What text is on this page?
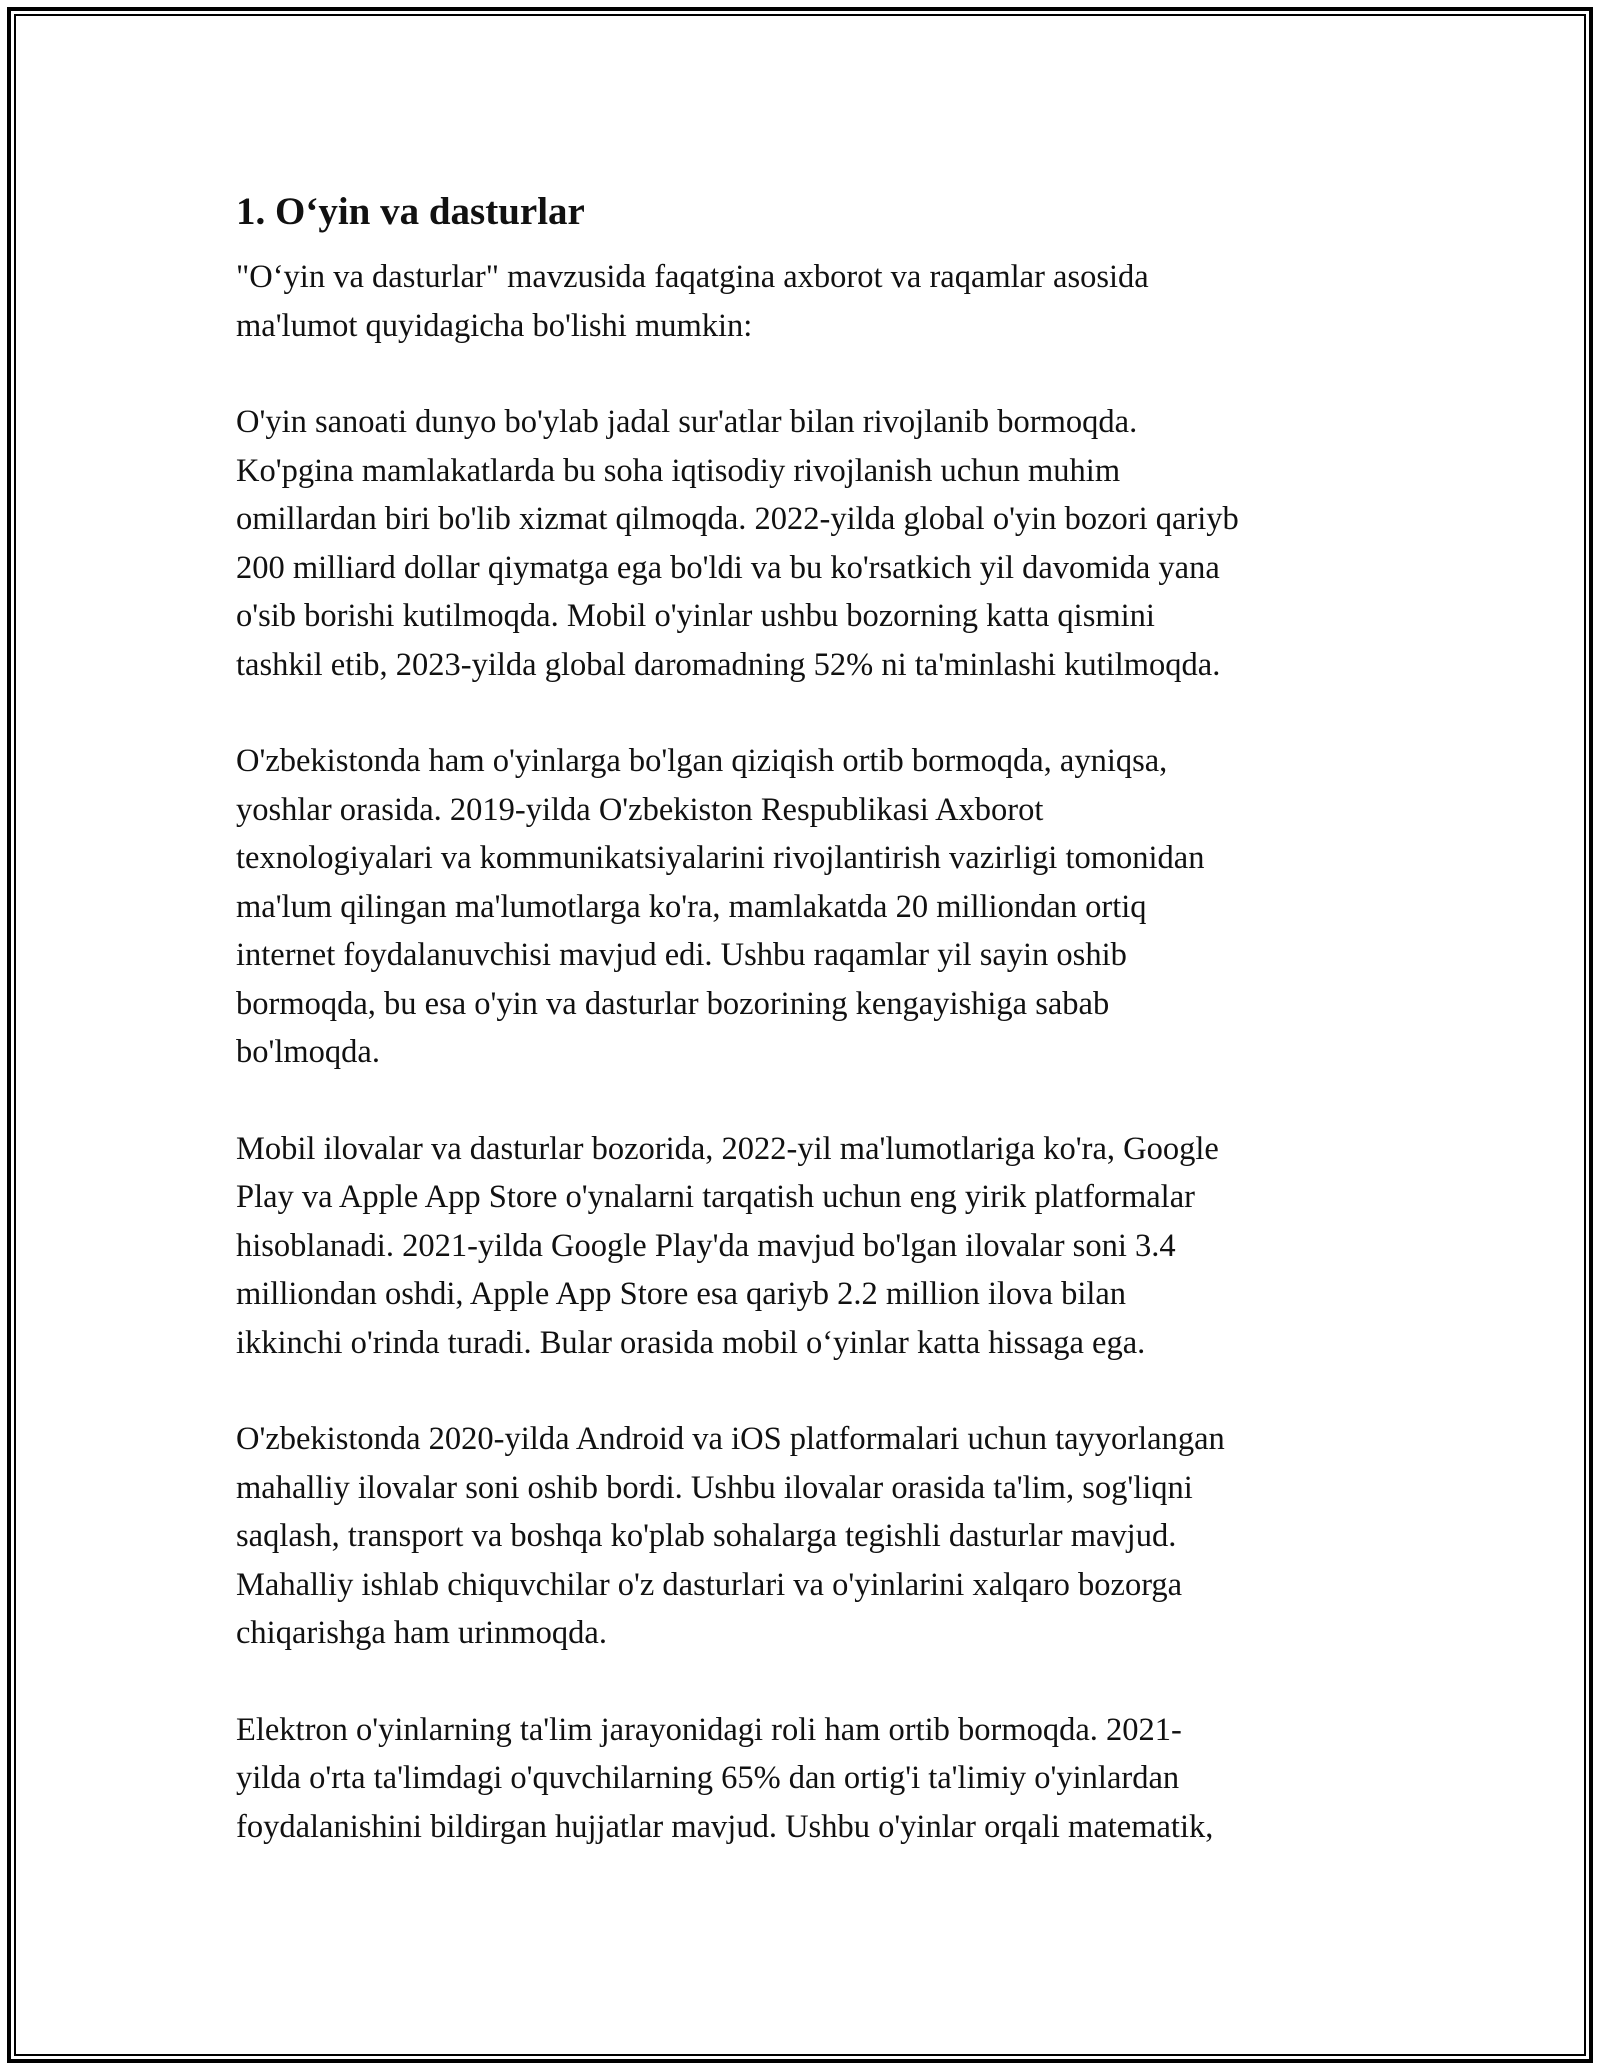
1. O‘yin va dasturlar
"O‘yin va dasturlar" mavzusida faqatgina axborot va raqamlar asosida
ma'lumot quyidagicha bo'lishi mumkin:
O'yin sanoati dunyo bo'ylab jadal sur'atlar bilan rivojlanib bormoqda.
Ko'pgina mamlakatlarda bu soha iqtisodiy rivojlanish uchun muhim
omillardan biri bo'lib xizmat qilmoqda. 2022-yilda global o'yin bozori qariyb
200 milliard dollar qiymatga ega bo'ldi va bu ko'rsatkich yil davomida yana
o'sib borishi kutilmoqda. Mobil o'yinlar ushbu bozorning katta qismini
tashkil etib, 2023-yilda global daromadning 52% ni ta'minlashi kutilmoqda.
O'zbekistonda ham o'yinlarga bo'lgan qiziqish ortib bormoqda, ayniqsa,
yoshlar orasida. 2019-yilda O'zbekiston Respublikasi Axborot
texnologiyalari va kommunikatsiyalarini rivojlantirish vazirligi tomonidan
ma'lum qilingan ma'lumotlarga ko'ra, mamlakatda 20 milliondan ortiq
internet foydalanuvchisi mavjud edi. Ushbu raqamlar yil sayin oshib
bormoqda, bu esa o'yin va dasturlar bozorining kengayishiga sabab
bo'lmoqda.
Mobil ilovalar va dasturlar bozorida, 2022-yil ma'lumotlariga ko'ra, Google
Play va Apple App Store o'ynalarni tarqatish uchun eng yirik platformalar
hisoblanadi. 2021-yilda Google Play'da mavjud bo'lgan ilovalar soni 3.4
milliondan oshdi, Apple App Store esa qariyb 2.2 million ilova bilan
ikkinchi o'rinda turadi. Bular orasida mobil o‘yinlar katta hissaga ega.
O'zbekistonda 2020-yilda Android va iOS platformalari uchun tayyorlangan
mahalliy ilovalar soni oshib bordi. Ushbu ilovalar orasida ta'lim, sog'liqni
saqlash, transport va boshqa ko'plab sohalarga tegishli dasturlar mavjud.
Mahalliy ishlab chiquvchilar o'z dasturlari va o'yinlarini xalqaro bozorga
chiqarishga ham urinmoqda.
Elektron o'yinlarning ta'lim jarayonidagi roli ham ortib bormoqda. 2021-
yilda o'rta ta'limdagi o'quvchilarning 65% dan ortig'i ta'limiy o'yinlardan
foydalanishini bildirgan hujjatlar mavjud. Ushbu o'yinlar orqali matematik,
